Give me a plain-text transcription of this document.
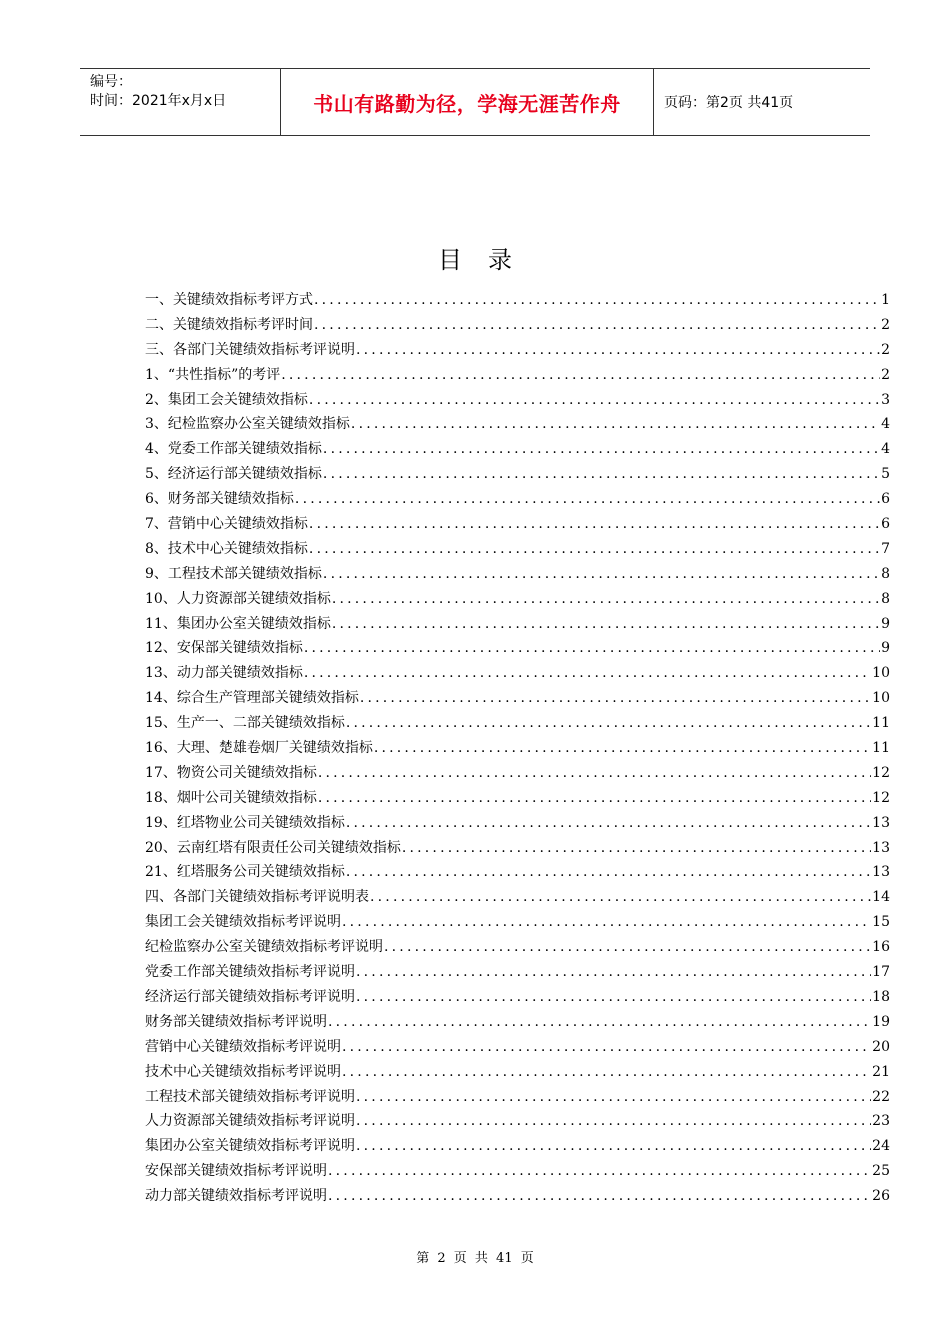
编号：
时间：2021年x月x日	书山有路勤为径，学海无涯苦作舟	页码：第2页 共41页
目录
一、关键绩效指标考评方式 .....	1
二、关键绩效指标考评时间 .....	2
三、各部门关键绩效指标考评说明 .....	2
1、“共性指标”的考评 .....	2
2、集团工会关键绩效指标 .....	3
3、纪检监察办公室关键绩效指标 .....	4
4、党委工作部关键绩效指标 .....	4
5、经济运行部关键绩效指标 .....	5
6、财务部关键绩效指标 .....	6
7、营销中心关键绩效指标 .....	6
8、技术中心关键绩效指标 .....	7
9、工程技术部关键绩效指标 .....	8
10、人力资源部关键绩效指标 .....	8
11、集团办公室关键绩效指标 .....	9
12、安保部关键绩效指标 .....	9
13、动力部关键绩效指标 .....	10
14、综合生产管理部关键绩效指标 .....	10
15、生产一、二部关键绩效指标 .....	11
16、大理、楚雄卷烟厂关键绩效指标 .....	11
17、物资公司关键绩效指标 .....	12
18、烟叶公司关键绩效指标 .....	12
19、红塔物业公司关键绩效指标 .....	13
20、云南红塔有限责任公司关键绩效指标 .....	13
21、红塔服务公司关键绩效指标 .....	13
四、各部门关键绩效指标考评说明表 .....	14
集团工会关键绩效指标考评说明 .....	15
纪检监察办公室关键绩效指标考评说明 .....	16
党委工作部关键绩效指标考评说明 .....	17
经济运行部关键绩效指标考评说明 .....	18
财务部关键绩效指标考评说明 .....	19
营销中心关键绩效指标考评说明 .....	20
技术中心关键绩效指标考评说明 .....	21
工程技术部关键绩效指标考评说明 .....	22
人力资源部关键绩效指标考评说明 .....	23
集团办公室关键绩效指标考评说明 .....	24
安保部关键绩效指标考评说明 .....	25
动力部关键绩效指标考评说明 .....	26
第 2 页 共 41 页
